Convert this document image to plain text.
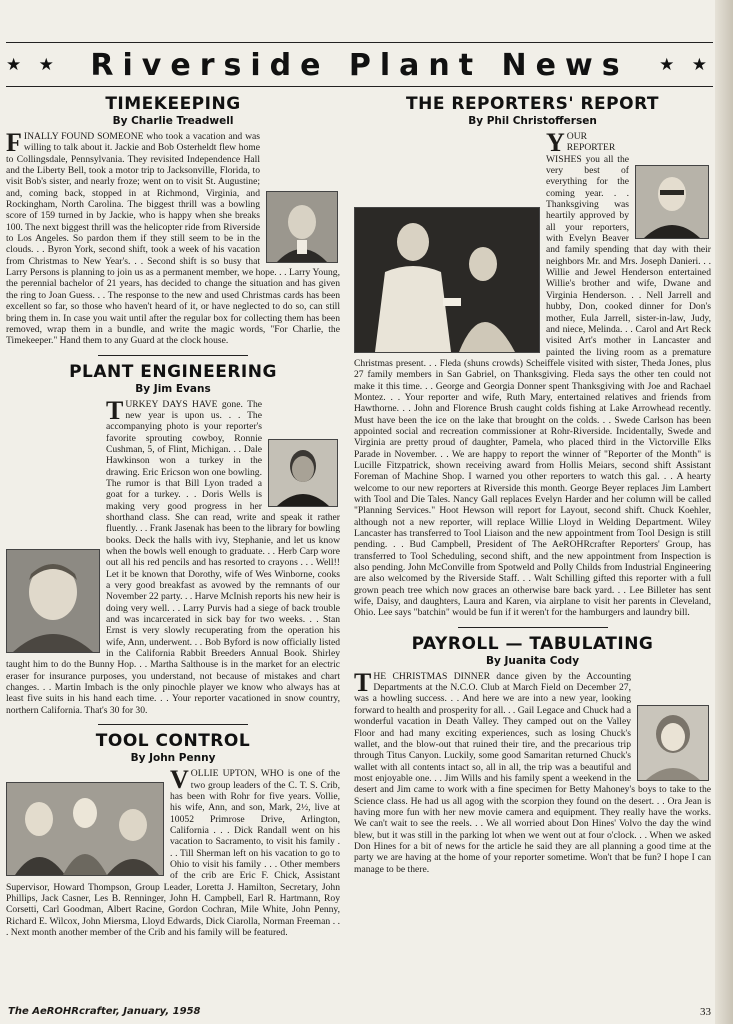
★ ★	Riverside Plant News	★ ★
TIMEKEEPING
By Charlie Treadwell

FINALLY FOUND SOMEONE who took a vacation and was willing to talk about it. Jackie and Bob Osterheldt flew home to Collingsdale, Pennsylvania. They revisited Independence Hall and the Liberty Bell, took a motor trip to Jacksonville, Florida, to visit Bob's sister, and nearly froze; went on to visit St. Augustine; and, coming back, stopped in at Richmond, Virginia, and Rockingham, North Carolina. The biggest thrill was a bowling score of 159 turned in by Jackie, who is happy when she breaks 100. The next biggest thrill was the helicopter ride from Riverside to Los Angeles. So pardon them if they still seem to be in the clouds. . . Byron York, second shift, took a week of his vacation from Christmas to New Year's. . . Second shift is so busy that Larry Persons is planning to join us as a permanent member, we hope. . . Larry Young, the perennial bachelor of 21 years, has decided to change the situation and has given the ring to Joan Guess. . . The response to the new and used Christmas cards has been excellent so far, so those who haven't heard of it, or have neglected to do so, can still bring them in. In case you wait until after the regular box for collecting them has been removed, wrap them in a bundle, and write the magic words, "For Charlie, the Timekeeper." Hand them to any Guard at the clock house.

PLANT ENGINEERING
By Jim Evans

TURKEY DAYS HAVE gone. The new year is upon us. . . The accompanying photo is your reporter's favorite sprouting cowboy, Ronnie Cushman, 5, of Flint, Michigan. . . Dale Hawkinson won a turkey in the drawing. Eric Ericson won one bowling. The rumor is that Bill Lyon traded a goat for a turkey. . . Doris Wells is making very good progress in her shorthand class. She can read, write and speak it rather fluently. . . Frank Jasenak has been to the library for bowling books. Deck the halls with ivy, Stephanie, and let us know when the bowls well enough to graduate. . . Herb Carp wore out all his red pencils and has resorted to crayons . . . Well!! Let it be known that Dorothy, wife of Wes Winborne, cooks a very good breakfast as avowed by the remnants of our November 22 party. . . Harve McInish reports his new heir is doing very well. . . Larry Purvis had a siege of back trouble and was incarcerated in sick bay for two weeks. . . Stan Ernst is very slowly recuperating from the operation his wife, Ann, underwent. . . Bob Byford is now officially listed in the California Rabbit Breeders Annual Book. Shirley taught him to do the Bunny Hop. . . Martha Salthouse is in the market for an electric eraser for insurance purposes, you understand, not because of mistakes and chart changes. . . Martin Imbach is the only pinochle player we know who always has at least five suits in his hand each time. . . Your reporter vacationed in snow country, northern California. That's 30 for 30.

TOOL CONTROL
By John Penny

VOLLIE UPTON, WHO is one of the two group leaders of the C. T. S. Crib, has been with Rohr for five years. Vollie, his wife, Ann, and son, Mark, 2½, live at 10052 Primrose Drive, Arlington, California . . . Dick Randall went on his vacation to Sacramento, to visit his family . . . Till Sherman left on his vacation to go to Ohio to visit his family . . . Other members of the crib are Eric F. Chick, Assistant Supervisor, Howard Thompson, Group Leader, Loretta J. Hamilton, Secretary, John Phillips, Jack Casner, Les B. Renninger, John H. Campbell, Earl R. Hartmann, Roy Corsetti, Carl Goodman, Albert Racine, Gordon Cochran, Mile White, John Penny, Richard E. Wilcox, John Miersma, Lloyd Edwards, Dick Ciarolla, Norman Freeman . . . Next month another member of the Crib and his family will be featured.

THE REPORTERS' REPORT
By Phil Christoffersen

YOUR REPORTER WISHES you all the very best of everything for the coming year. . . Thanksgiving was heartily approved by all your reporters, with Evelyn Beaver and family spending that day with their neighbors Mr. and Mrs. Joseph Danieri. . . Willie and Jewel Henderson entertained Willie's brother and wife, Dwane and Virginia Henderson. . . Nell Jarrell and hubby, Don, cooked dinner for Don's mother, Eula Jarrell, sister-in-law, Judy, and niece, Melinda. . . Carol and Art Reck visited Art's mother in Lancaster and painted the living room as a premature Christmas present. . . Fleda (shuns crowds) Scheiffele visited with sister, Theda Jones, plus 27 family members in San Gabriel, on Thanksgiving. Fleda says the other ten could not make it this time. . . George and Georgia Donner spent Thanksgiving with Joe and Rachael Montez. . . Your reporter and wife, Ruth Mary, entertained relatives and friends from Hawthorne. . . John and Florence Brush caught colds fishing at Lake Arrowhead recently. Must have been the ice on the lake that brought on the colds. . . Swede Carlson has been appointed social and recreation commissioner at Rohr-Riverside. Incidentally, Swede and Virginia are pretty proud of daughter, Pamela, who placed third in the Victorville Elks Parade in November. . . We are happy to report the winner of "Reporter of the Month" is Lucille Fitzpatrick, shown receiving award from Hollis Meiars, second shift Assistant Foreman of Machine Shop. I warned you other reporters to watch this gal. . . A hearty welcome to our new reporters at Riverside this month. George Beyer replaces Jim Lambert with Tool and Die Tales. Nancy Gall replaces Evelyn Harder and her column will be called "Planning Services." Hoot Hewson will report for Layout, second shift. Chuck Koehler, although not a new reporter, will replace Willie Lloyd in Welding Department. Wiley Lancaster has transferred to Tool Liaison and the new appointment from Tool Design is still pending. . . Bud Campbell, President of The AeROHRcrafter Reporters' Group, has transferred to Tool Scheduling, second shift, and the new appointment from Inspection is also pending. John McConville from Spotweld and Polly Childs from Industrial Engineering are also welcomed by the Riverside Staff. . . Walt Schilling gifted this reporter with a full grown peach tree which now graces an otherwise bare back yard. . . Lee Billeter has sent wife, Daisy, and daughters, Laura and Karen, via airplane to visit her parents in Cleveland, Ohio. Lee says "batchin" would be fun if it weren't for the hamburgers and laundry bill.

PAYROLL — TABULATING
By Juanita Cody

THE CHRISTMAS DINNER dance given by the Accounting Departments at the N.C.O. Club at March Field on December 27, was a howling success. . . And here we are into a new year, looking forward to health and prosperity for all. . . Gail Legace and Chuck had a wonderful vacation in Death Valley. They camped out on the Valley Floor and had many exciting experiences, such as losing Chuck's wallet, and the blow-out that ruined their tire, and the precarious trip through Titus Canyon. Luckily, some good Samaritan returned Chuck's wallet with all contents intact so, all in all, the trip was a beautiful and most enjoyable one. . . Jim Wills and his family spent a weekend in the desert and Jim came to work with a fine specimen for Betty Mahoney's boys to take to the Science class. He had us all agog with the scorpion they found on the desert. . . Ora Jean is having more fun with her new movie camera and equipment. They really have the works. We can't wait to see the reels. . . We all worried about Don Hines' Volvo the day the wind blew, but it was still in the parking lot when we went out at four o'clock. . . When we asked Don Hines for a bit of news for the article he said they are all planning a good time at the party we are having at the home of your reporter sometime. Won't that be fun? I hope I can manage to be there.

The AeROHRcrafter, January, 1958	33
